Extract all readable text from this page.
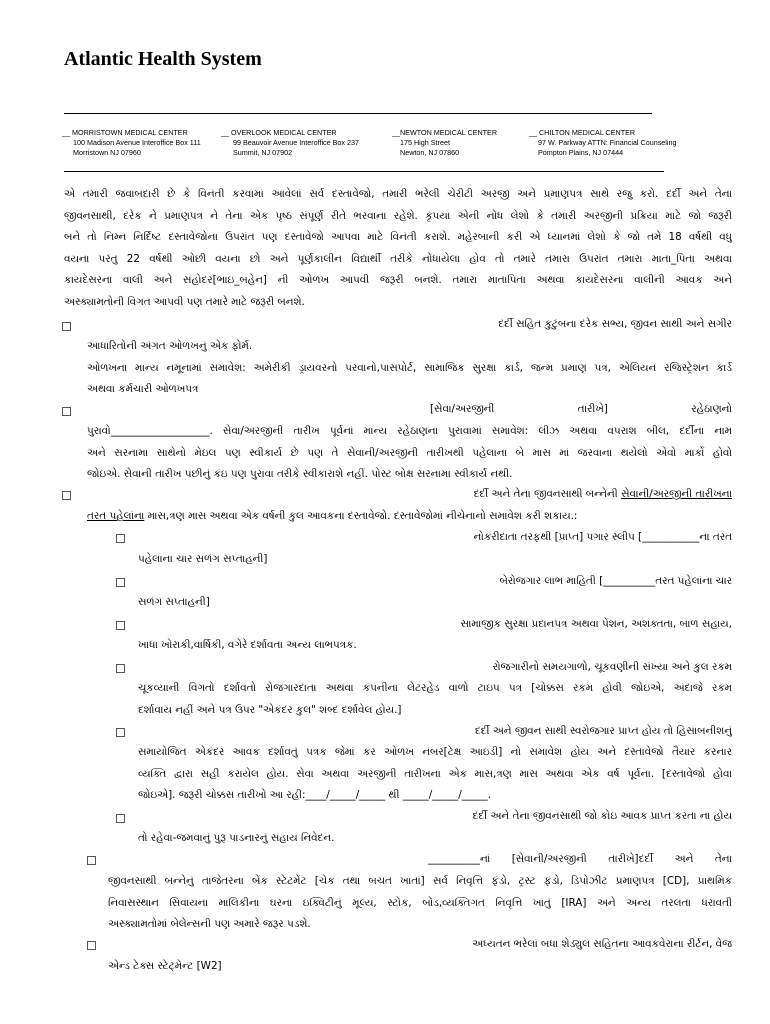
Atlantic Health System
__ MORRISTOWN MEDICAL CENTER
100 Madison Avenue Interoffice Box 111
Morristown NJ 07960
__ OVERLOOK MEDICAL CENTER
99 Beauvoir Avenue Interoffice Box 237
Summit, NJ 07902
__NEWTON MEDICAL CENTER
175 High Street
Newton, NJ 07860
__ CHILTON MEDICAL CENTER
97 W. Parkway ATTN: Financial Counseling
Pompton Plains, NJ 07444
એ તમારી જવાબદારી છે કે વિનંતી કરવામાં આવેલાં સર્વ દસ્તાવેજો, તમારી ભરેલી ચેરીટી અરજી અને પ્રમાણપત્ર સાથે રજુ કરો. દર્દી અને તેના
જીવનસાથી, દરેક ને પ્રમાણપત્ર ને તેના એક પૃષ્ઠ સંપૂર્ણ રીતે ભરવાના રહેશે. કૃપયા એની નોંધ લેશો કે તમારી અરજીની પ્રક્રિયા માટે જો જરૂરી
બને તો નિમ્ન નિર્દિષ્ટ દસ્તાવેજોના ઉપરાંત પણ દસ્તાવેજો આપવા માટે વિનંતી કરાશે. મહેરબાની કરી એ ધ્યાનમાં લેશો કે જો તમે 18 વર્ષથી વધુ
વયના પરંતુ 22 વર્ષથી ઓછી વયના છો અને પૂર્ણકાલીન વિદ્યાર્થી તરીકે નોંધાયેલા હોવ તો તમારે તમારા ઉપરાંત તમારા માતા_પિતા અથવા
કાયદેસરના વાલી અને સહોદર[ભાઇ_બહેન] ની ઓળખ આપવી જરૂરી બનશે. તમારા માતાપિતા અથવા કાયદેસરના વાલીની આવક અને
અસ્ક્યામતોની વિગત આપવી પણ તમારે માટે જરૂરી બનશે.
દર્દી સહિત કુટુંબના દરેક સભ્ય, જીવન સાથી અને સગીર
આધારિતોની અંગત ઓળખનું એક ફોર્મ.
ઓળખના માન્ય નમૂનામાં સમાવેશ: અમેરીકી ડ્રાયવરનો પરવાનો,પાસપોર્ટ, સામાજિક સુરક્ષા કાર્ડ, જન્મ પ્રમાણ પત્ર, એલિયન રજિસ્ટ્રેશન કાર્ડ
અથવા કર્મચારી ઓળખપત્ર
[સેવા/અરજીની	તારીખે]	રહેઠાણનો
પુરાવો___________________. સેવા/અરજીની તારીખ પૂર્વનાં માન્ય રહેઠાણના પુરાવામાં સમાવેશ: લીઝ અથવા વપરાશ બીલ, દર્દીના નામ
અને સરનામા સાથેનો મેઇલ પણ સ્વીકાર્ય છે પણ તે સેવાની/અરજીની તારીખથી પહેલાના બે માસ માં જરવાના થયેલો એવો માર્કો હોવો
જોઇએ. સેવાની તારીખ પછીનું કંઇ પણ પુરાવા તરીકે સ્વીકારાશે નહીં. પોસ્ટ બોક્ષ સરનામા સ્વીકાર્ય નથી.
દર્દી અને તેના જીવનસાથી બન્નેની સેવાની/અરજીની તારીખના
તરત પહેલાંના માસ,ત્રણ માસ અથવા એક વર્ષની કુલ આવકના દસ્તાવેજો. દસ્તાવેજોમાં નીચેનાનો સમાવેશ કરી શકાય.:
નોકરીદાતા તરફથી [પ્રાપ્ત] પગાર સ્લીપ [___________ના તરત
પહેલાના ચાર સળંગ સપ્તાહની]
બેરોજગાર લાભ માહિતી [__________તરત પહેલાંના ચાર
સળંગ સપ્તાહની]
સામાજીક સુરક્ષા પ્રદાનપત્ર અથવા પેંશન, અશક્તતા, બાળ સહાય,
ખાધા ખોરાકી,વાર્ષિકી, વગેરે દર્શાવતા અન્ય લાભપત્રક.
રોજગારીનો સમયગાળો, ચૂકવણીની સંખ્યા અને કુલ રકમ
ચૂકવ્યાની વિગતો દર્શાવતો રોજગારદાતા અથવા કંપનીના લેટરહેડ વાળો ટાઇપ પત્ર [ચોક્કસ રકમ હોવી જોઇએ, અંદાજે રકમ
દર્શાવાય નહીં અને પત્ર ઉપર "એકંદર કુલ" શબ્દ દર્શાવેલ હોય.]
દર્દી અને જીવન સાથી સ્વરોજગાર પ્રાપ્ત હોય તો હિસાબનીશનું
સમાયોજિત એકંદર આવક દર્શાવતું પત્રક જેમાં કર ઓળખ નંબર[ટેક્ષ આઇડી] નો સમાવેશ હોય અને દસ્તાવેજો તૈયાર કરનાર
વ્યક્તિ દ્વારા સહી કરાયેલ હોય. સેવા અથવા અરજીની તારીખના એક માસ,ત્રણ માસ અથવા એક વર્ષ પૂર્વના. [દસ્તાવેજો હોવા
જોઇએ]. જરૂરી ચોક્કસ તારીખો આ રહી:____/_____/_____ થી _____/_____/_____.
દર્દી અને તેના જીવનસાથી જો કોઇ આવક પ્રાપ્ત કરતા ના હોય
તો રહેવા-જમવાનું પુરૂ પાડનારનું સહાય નિવેદન.
__________નાં [સેવાની/અરજીની તારીખે]દર્દી અને તેના
જીવનસાથી બન્નેનું તાજેતરના બેંક સ્ટેટમેંટ [ચેક તથા બચત ખાતાં] સર્વ નિવૃત્તિ ફંડો, ટ્રસ્ટ ફંડો, ડિપોઝીટ પ્રમાણપત્ર [CD], પ્રાથમિક
નિવાસસ્થાન સિવાયના માલિકીના ઘરના ઇક્વિટીનું મૂલ્ય, સ્ટોક, બોંડ,વ્યક્તિગત નિવૃત્તિ ખાતું [IRA] અને અન્ય તરલતા ધરાવતી
અસ્ક્યામતોમાં બેલેન્સની પણ અમારે જરૂર પડશે.
અધ્યતન ભરેલાં બધા શેડ્યુલ સહિતના આવકવેરાના રીર્ટન, વેજ
એન્ડ ટેક્સ સ્ટેટ્મેન્ટ [W2]
